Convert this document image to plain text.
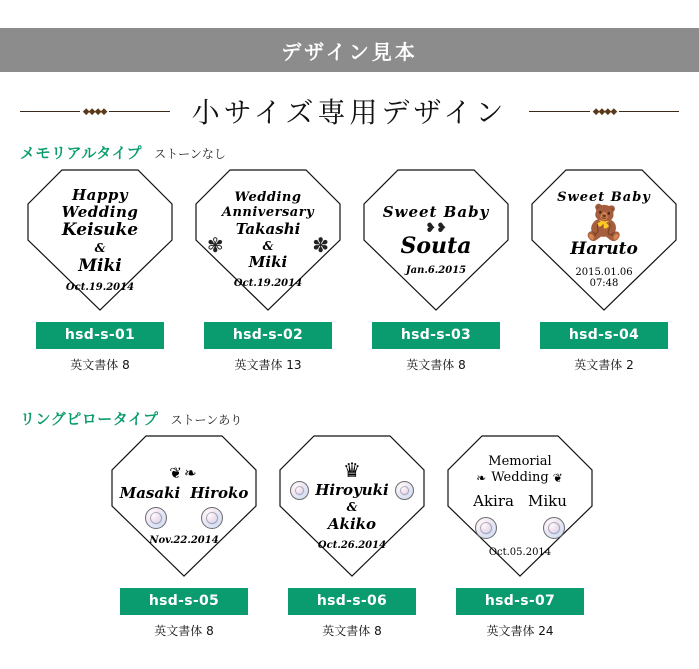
デザイン見本
◆◆◆◆	小サイズ専用デザイン	◆◆◆◆
メモリアルタイプ ストーンなし
Happy Wedding
Keisuke
&
Miki
Oct.19.2014
hsd-s-01
英文書体 8
Wedding
Anniversary
✾
Takashi
&
Miki
✽
Oct.19.2014
hsd-s-02
英文書体 13
Sweet Baby
❥❥
Souta
Jan.6.2015
hsd-s-03
英文書体 8
Sweet Baby
🧸
Haruto
2015.01.06
07:48
hsd-s-04
英文書体 2
リングピロータイプ ストーンあり
❦❧
Masaki Hiroko
Nov.22.2014
hsd-s-05
英文書体 8
♛
Hiroyuki
&
Akiko
Oct.26.2014
hsd-s-06
英文書体 8
Memorial
❧ Wedding ❦
Akira Miku
Oct.05.2014
hsd-s-07
英文書体 24
